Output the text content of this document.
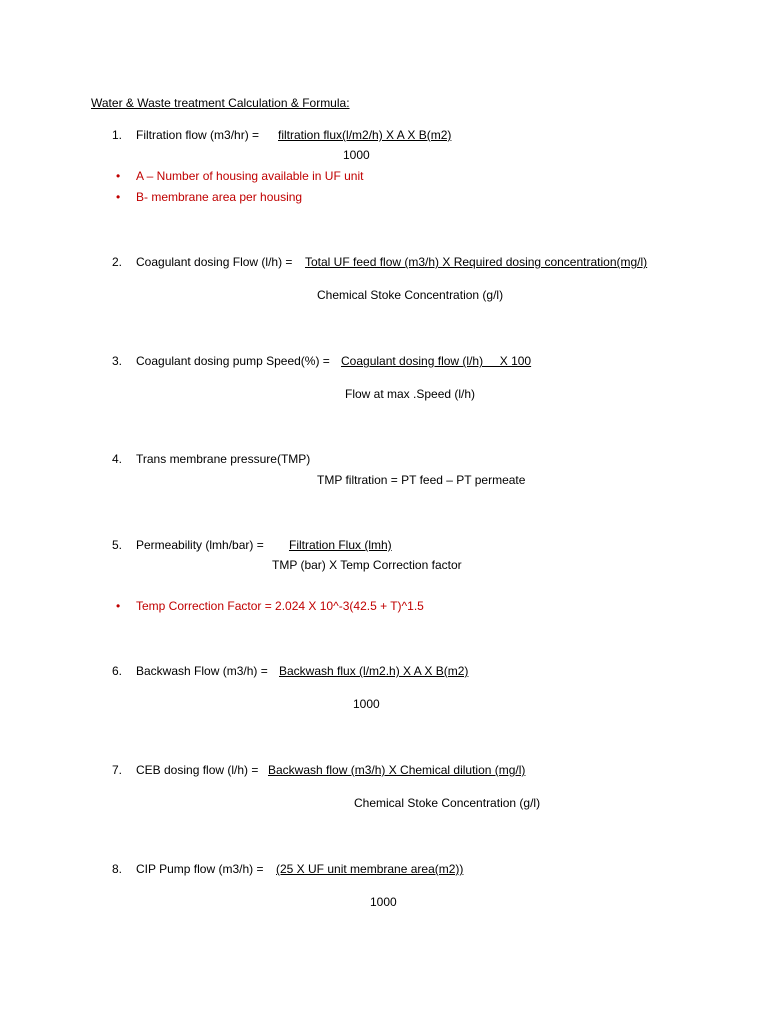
Water & Waste treatment Calculation & Formula:
1. Filtration flow (m3/hr) = filtration flux(l/m2/h) X A X B(m2)
1000
• A – Number of housing available in UF unit
• B- membrane area per housing
2. Coagulant dosing Flow (l/h) = Total UF feed flow (m3/h) X Required dosing concentration(mg/l)
Chemical Stoke Concentration (g/l)
3. Coagulant dosing pump Speed(%) = Coagulant dosing flow (l/h)     X 100
Flow at max .Speed (l/h)
4. Trans membrane pressure(TMP)
TMP filtration = PT feed – PT permeate
5. Permeability (lmh/bar) = Filtration Flux (lmh)
TMP (bar) X Temp Correction factor
• Temp Correction Factor = 2.024 X 10^-3(42.5 + T)^1.5
6. Backwash Flow (m3/h) = Backwash flux (l/m2.h) X A X B(m2)
1000
7. CEB dosing flow (l/h) = Backwash flow (m3/h) X Chemical dilution (mg/l)
Chemical Stoke Concentration (g/l)
8. CIP Pump flow (m3/h) = (25 X UF unit membrane area(m2))
1000
